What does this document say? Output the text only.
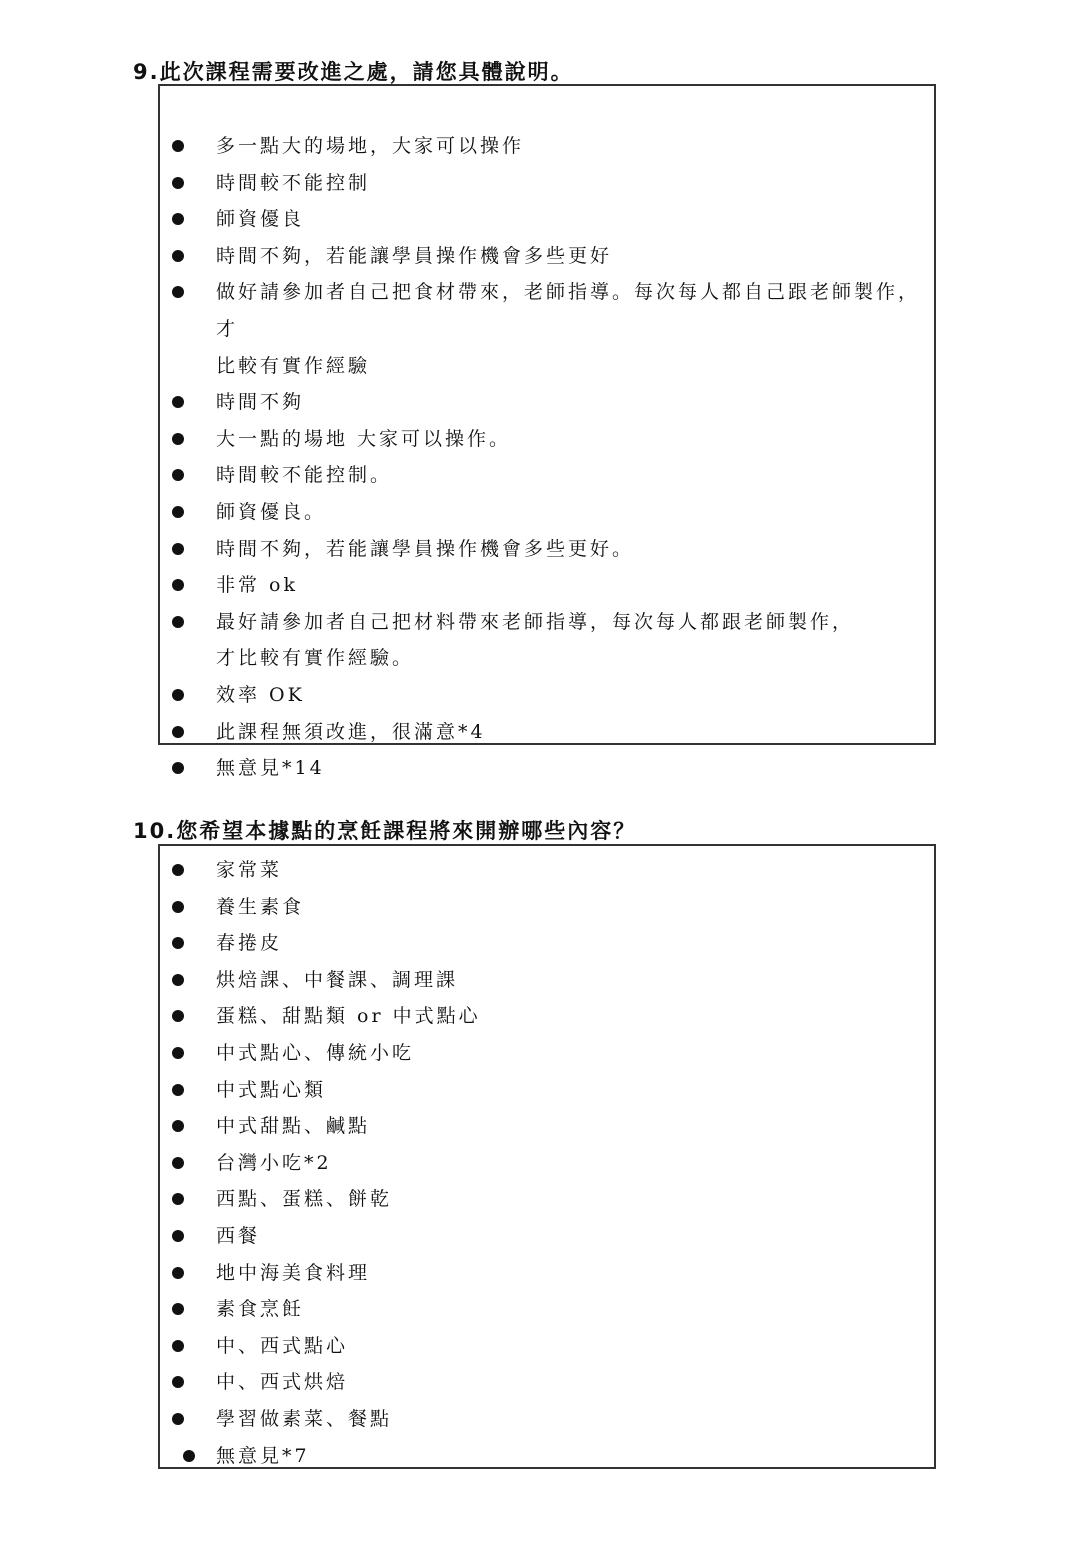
9.此次課程需要改進之處，請您具體說明。
多一點大的場地，大家可以操作
時間較不能控制
師資優良
時間不夠，若能讓學員操作機會多些更好
做好請參加者自己把食材帶來，老師指導。每次每人都自己跟老師製作，才
比較有實作經驗
時間不夠
大一點的場地 大家可以操作。
時間較不能控制。
師資優良。
時間不夠，若能讓學員操作機會多些更好。
非常 ok
最好請參加者自己把材料帶來老師指導，每次每人都跟老師製作，
才比較有實作經驗。
效率 OK
此課程無須改進，很滿意*4
無意見*14
10.您希望本據點的烹飪課程將來開辦哪些內容？
家常菜
養生素食
春捲皮
烘焙課、中餐課、調理課
蛋糕、甜點類 or 中式點心
中式點心、傳統小吃
中式點心類
中式甜點、鹹點
台灣小吃*2
西點、蛋糕、餅乾
西餐
地中海美食料理
素食烹飪
中、西式點心
中、西式烘焙
學習做素菜、餐點
無意見*7
